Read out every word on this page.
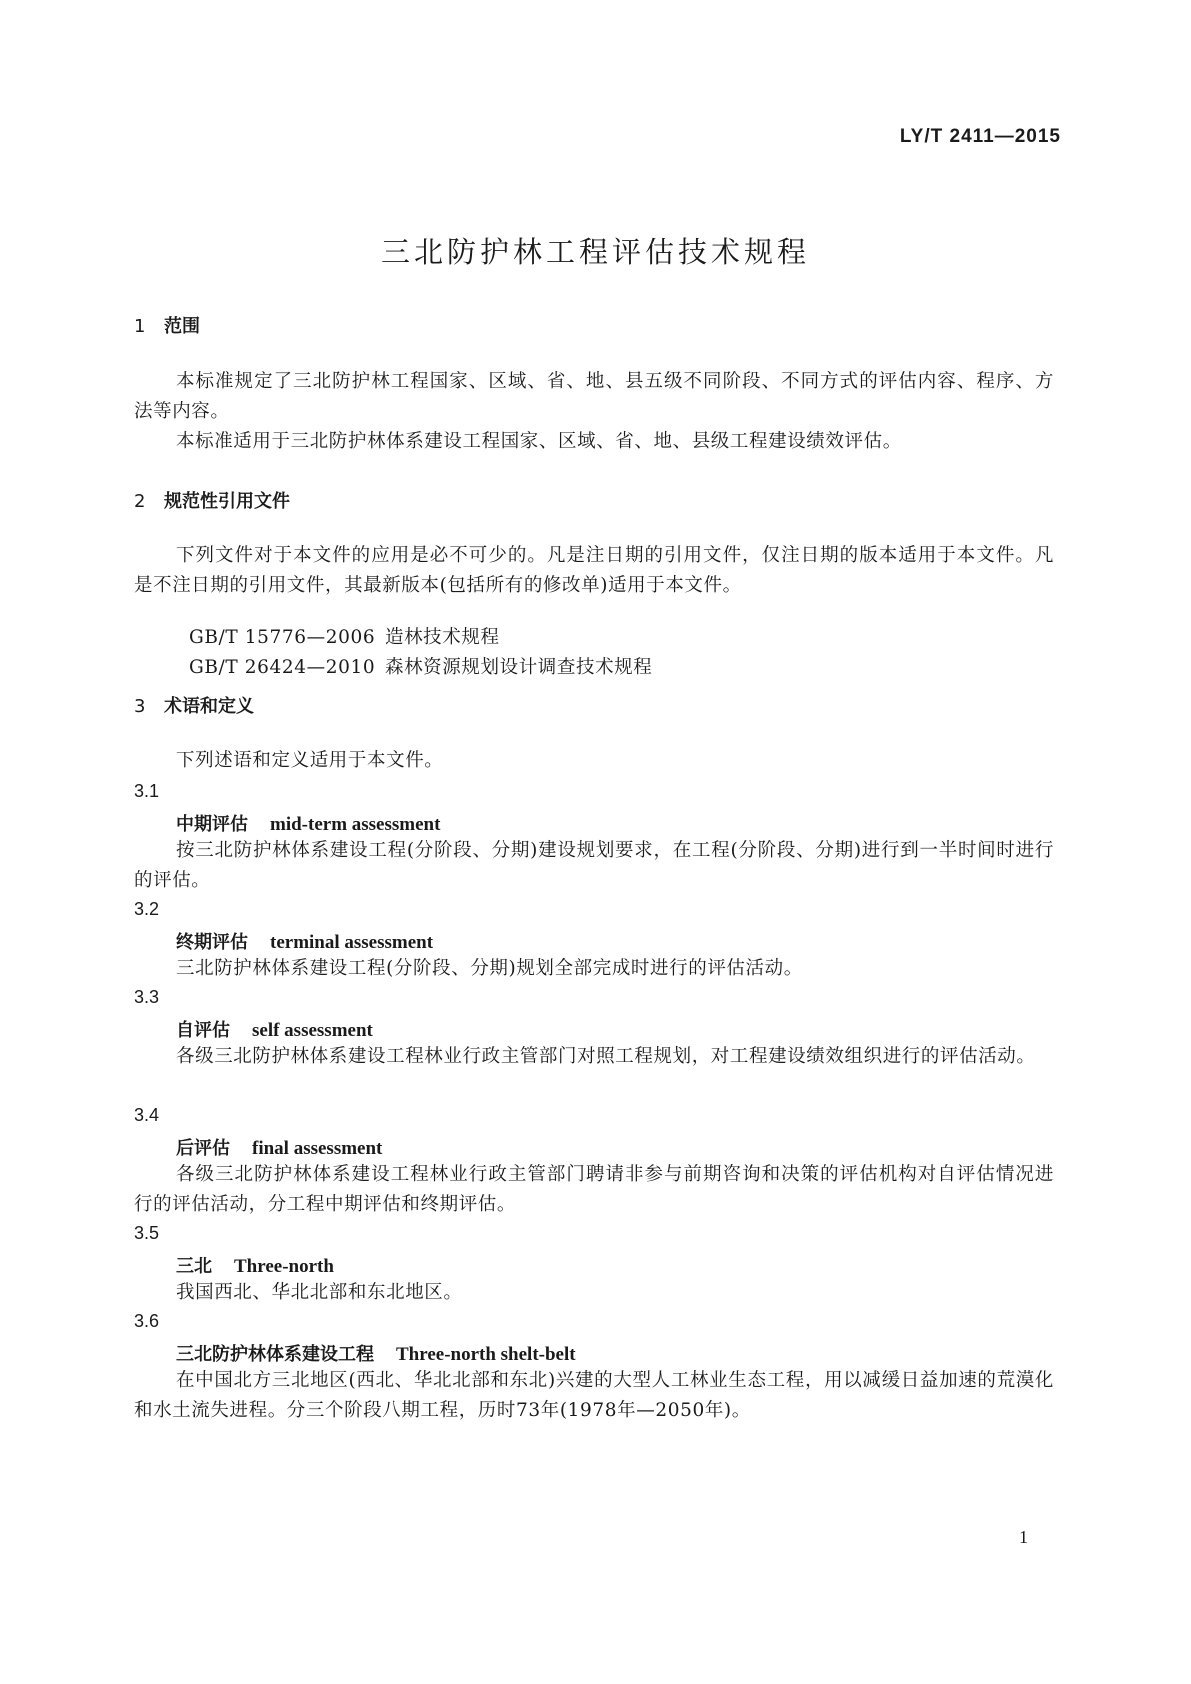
LY/T 2411—2015
三北防护林工程评估技术规程
1 范围
本标准规定了三北防护林工程国家、区域、省、地、县五级不同阶段、不同方式的评估内容、程序、方法等内容。
本标准适用于三北防护林体系建设工程国家、区域、省、地、县级工程建设绩效评估。
2 规范性引用文件
下列文件对于本文件的应用是必不可少的。凡是注日期的引用文件，仅注日期的版本适用于本文件。凡是不注日期的引用文件，其最新版本(包括所有的修改单)适用于本文件。

GB/T 15776—2006 造林技术规程

GB/T 26424—2010 森林资源规划设计调查技术规程

3 术语和定义
下列述语和定义适用于本文件。
3.1
中期评估 mid-term assessment
按三北防护林体系建设工程(分阶段、分期)建设规划要求，在工程(分阶段、分期)进行到一半时间时进行的评估。
3.2
终期评估 terminal assessment
三北防护林体系建设工程(分阶段、分期)规划全部完成时进行的评估活动。
3.3
自评估 self assessment
各级三北防护林体系建设工程林业行政主管部门对照工程规划，对工程建设绩效组织进行的评估活动。
3.4
后评估 final assessment
各级三北防护林体系建设工程林业行政主管部门聘请非参与前期咨询和决策的评估机构对自评估情况进行的评估活动，分工程中期评估和终期评估。
3.5
三北 Three-north
我国西北、华北北部和东北地区。
3.6
三北防护林体系建设工程 Three-north shelt-belt
在中国北方三北地区(西北、华北北部和东北)兴建的大型人工林业生态工程，用以减缓日益加速的荒漠化和水土流失进程。分三个阶段八期工程，历时73年(1978年—2050年)。
1
